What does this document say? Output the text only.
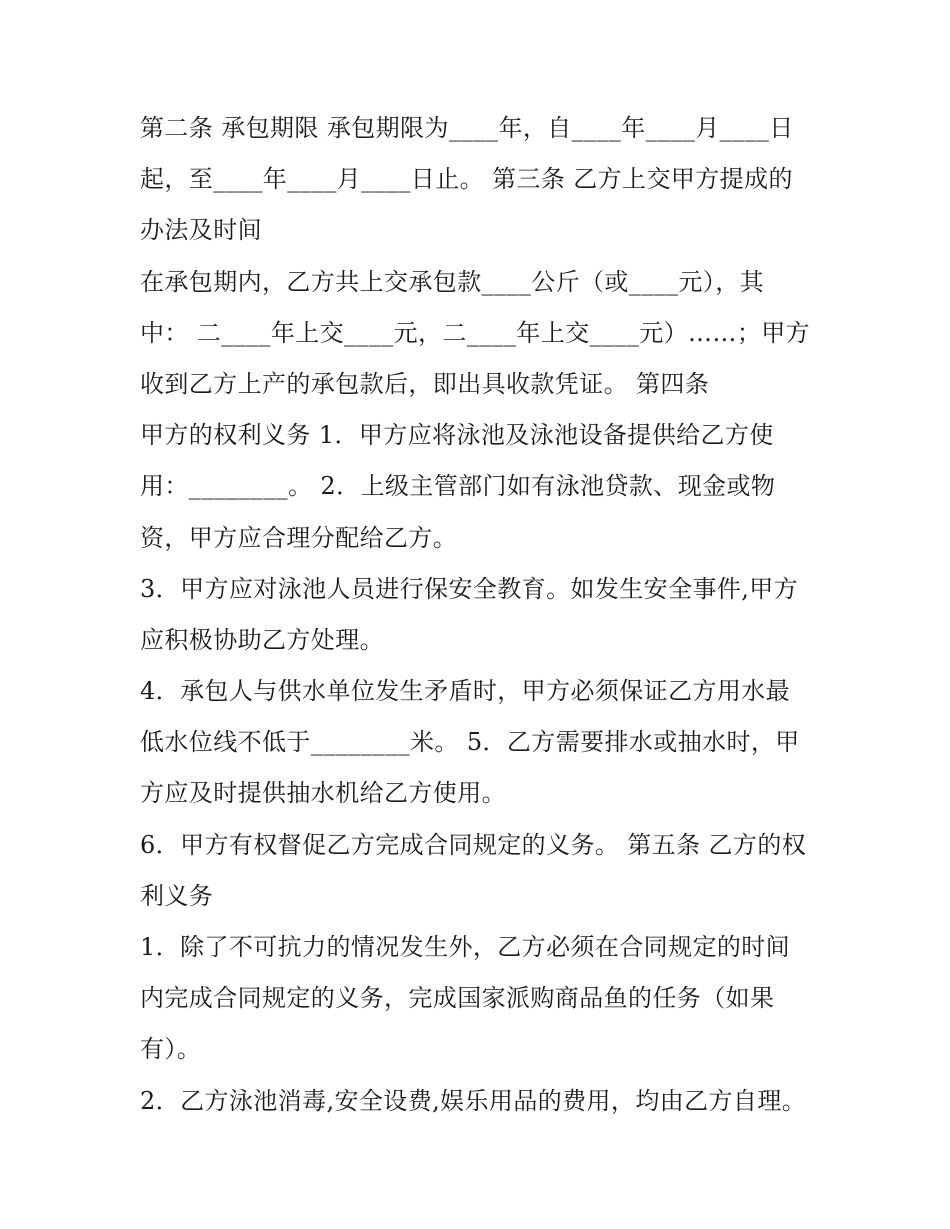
第二条 承包期限 承包期限为____年，自____年____月____日
起，至____年____月____日止。 第三条 乙方上交甲方提成的
办法及时间
在承包期内，乙方共上交承包款____公斤（或____元），其
中： 二____年上交____元，二____年上交____元）……；甲方
收到乙方上产的承包款后，即出具收款凭证。 第四条
甲方的权利义务 1．甲方应将泳池及泳池设备提供给乙方使
用：________。 2．上级主管部门如有泳池贷款、现金或物
资，甲方应合理分配给乙方。
3．甲方应对泳池人员进行保安全教育。如发生安全事件,甲方
应积极协助乙方处理。
4．承包人与供水单位发生矛盾时，甲方必须保证乙方用水最
低水位线不低于________米。 5．乙方需要排水或抽水时，甲
方应及时提供抽水机给乙方使用。
6．甲方有权督促乙方完成合同规定的义务。 第五条 乙方的权
利义务
1．除了不可抗力的情况发生外，乙方必须在合同规定的时间
内完成合同规定的义务，完成国家派购商品鱼的任务（如果
有）。
2．乙方泳池消毒,安全设费,娱乐用品的费用，均由乙方自理。
